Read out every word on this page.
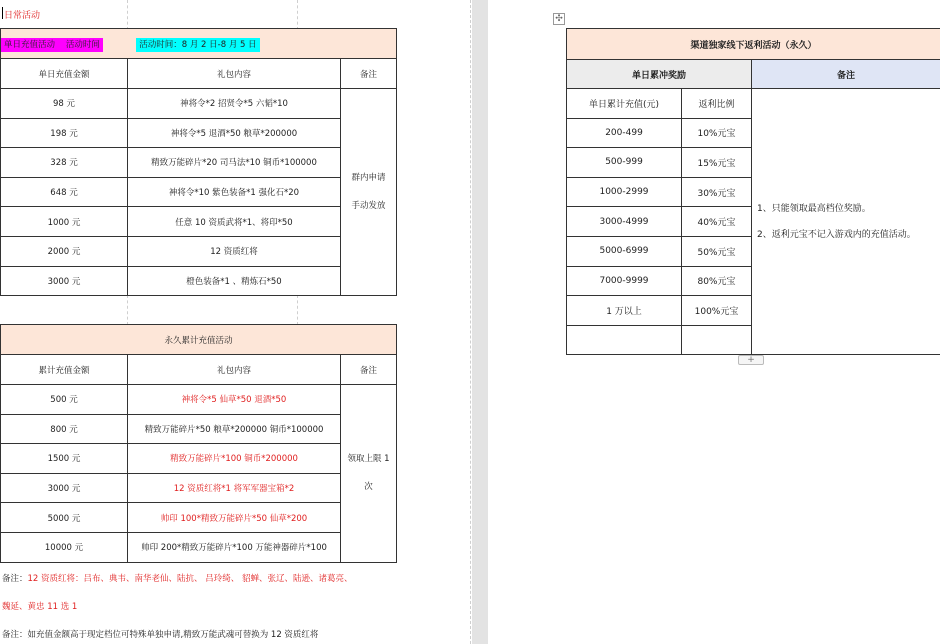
日常活动
单日充值活动 活动时间	活动时间：8 月 2 日-8 月 5 日
单日充值金额	礼包内容	备注
98 元	神将令*2 招贤令*5 六韬*10	群内申请
手动发放

198 元	神将令*5 退酒*50 粮草*200000	
328 元	精致万能碎片*20 司马法*10 铜币*100000	
648 元	神将令*10 紫色装备*1 强化石*20	
1000 元	任意 10 资质武将*1、将印*50	
2000 元	12 资质红将	
3000 元	橙色装备*1 、精炼石*50	
永久累计充值活动		
累计充值金额	礼包内容	备注
500 元	神将令*5 仙草*50 退酒*50	领取上限 1
次

800 元	精致万能碎片*50 粮草*200000 铜币*100000	
1500 元	精致万能碎片*100 铜币*200000	
3000 元	12 资质红将*1 将军军器宝箱*2	
5000 元	帅印 100*精致万能碎片*50 仙草*200	
10000 元	帅印 200*精致万能碎片*100 万能神器碎片*100	
备注：12 资质红将：吕布、典韦、南华老仙、陆抗、 吕玲绮、 貂蝉、张辽、陆逊、诸葛亮、
魏延、黄忠 11 选 1
备注：如充值金额高于现定档位可特殊单独申请,精致万能武魂可替换为 12 资质红将
✣
渠道独家线下返利活动（永久）		
单日累冲奖励		备注
单日累计充值(元)	返利比例	1、只能领取最高档位奖励。
2、返利元宝不记入游戏内的充值活动。

200-499	10%元宝	
500-999	15%元宝	
1000-2999	30%元宝	
3000-4999	40%元宝	
5000-6999	50%元宝	
7000-9999	80%元宝	
1 万以上	100%元宝	

+
